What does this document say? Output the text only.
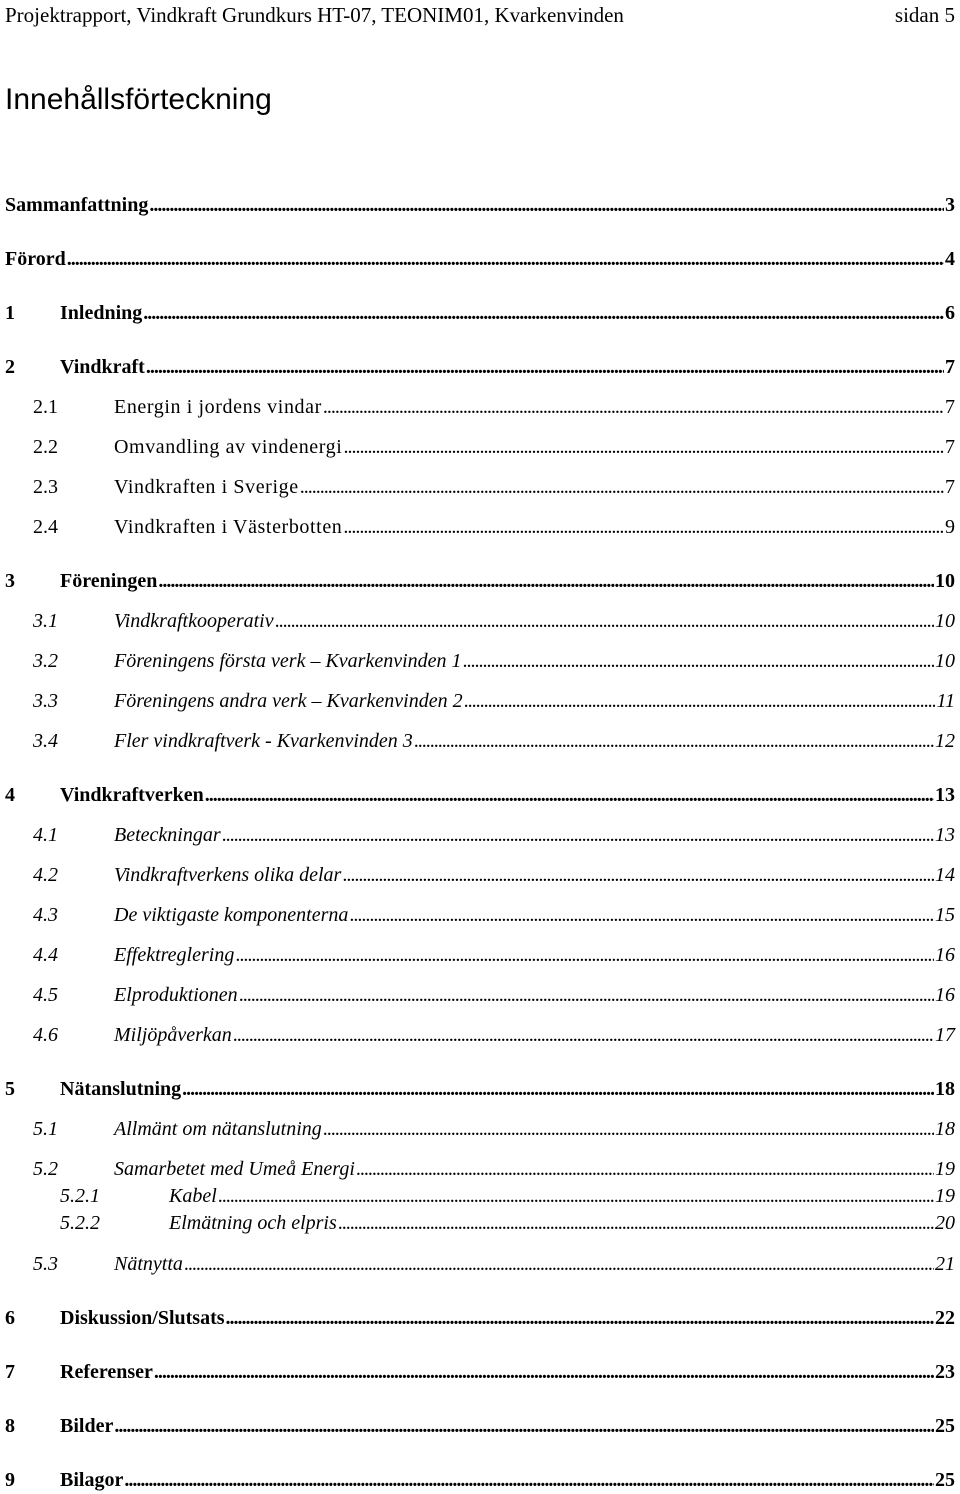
Projektrapport, Vindkraft Grundkurs HT-07, TEONIM01, Kvarkenvinden	sidan 5
Innehållsförteckning
Sammanfattning . . .	3
Förord . . .	4
1	Inledning . . .	6
2	Vindkraft . . .	7
2.1	Energin i jordens vindar . . .	7
2.2	Omvandling av vindenergi . . .	7
2.3	Vindkraften i Sverige . . .	7
2.4	Vindkraften i Västerbotten . . .	9
3	Föreningen . . .	10
3.1	Vindkraftkooperativ . . .	10
3.2	Föreningens första verk – Kvarkenvinden 1 . . .	10
3.3	Föreningens andra verk – Kvarkenvinden 2 . . .	11
3.4	Fler vindkraftverk - Kvarkenvinden 3 . . .	12
4	Vindkraftverken . . .	13
4.1	Beteckningar . . .	13
4.2	Vindkraftverkens olika delar . . .	14
4.3	De viktigaste komponenterna . . .	15
4.4	Effektreglering . . .	16
4.5	Elproduktionen . . .	16
4.6	Miljöpåverkan . . .	17
5	Nätanslutning . . .	18
5.1	Allmänt om nätanslutning . . .	18
5.2	Samarbetet med Umeå Energi . . .	19
5.2.1	Kabel . . .	19
5.2.2	Elmätning och elpris . . .	20
5.3	Nätnytta . . .	21
6	Diskussion/Slutsats . . .	22
7	Referenser . . .	23
8	Bilder . . .	25
9	Bilagor . . .	25
